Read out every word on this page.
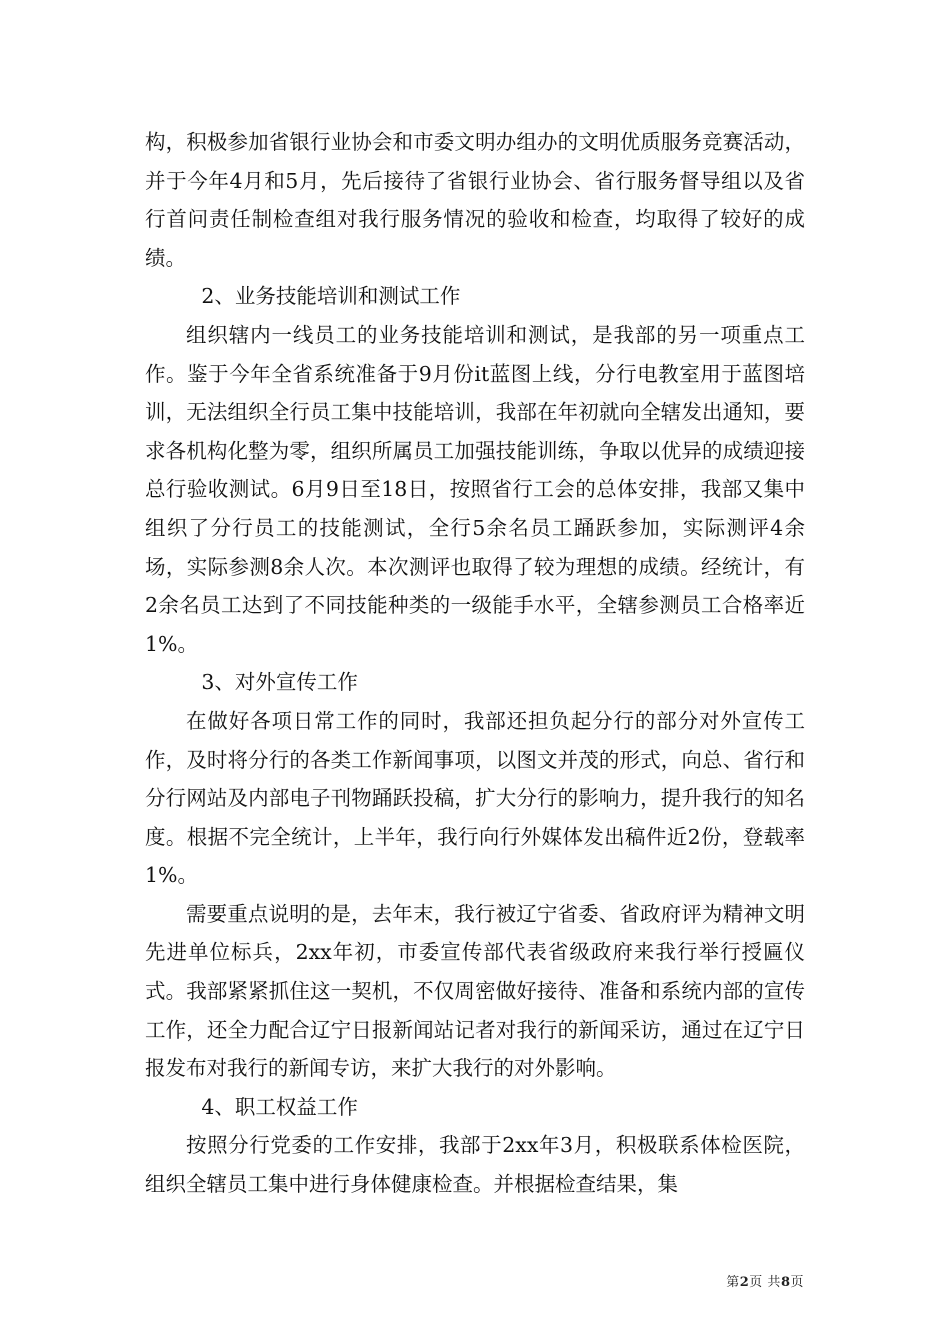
构，积极参加省银行业协会和市委文明办组办的文明优质服务竞赛活动，并于今年4月和5月，先后接待了省银行业协会、省行服务督导组以及省行首问责任制检查组对我行服务情况的验收和检查，均取得了较好的成绩。

2、业务技能培训和测试工作

组织辖内一线员工的业务技能培训和测试，是我部的另一项重点工作。鉴于今年全省系统准备于9月份it蓝图上线，分行电教室用于蓝图培训，无法组织全行员工集中技能培训，我部在年初就向全辖发出通知，要求各机构化整为零，组织所属员工加强技能训练，争取以优异的成绩迎接总行验收测试。6月9日至18日，按照省行工会的总体安排，我部又集中组织了分行员工的技能测试，全行5余名员工踊跃参加，实际测评4余场，实际参测8余人次。本次测评也取得了较为理想的成绩。经统计，有2余名员工达到了不同技能种类的一级能手水平，全辖参测员工合格率近1%。

3、对外宣传工作

在做好各项日常工作的同时，我部还担负起分行的部分对外宣传工作，及时将分行的各类工作新闻事项，以图文并茂的形式，向总、省行和分行网站及内部电子刊物踊跃投稿，扩大分行的影响力，提升我行的知名度。根据不完全统计，上半年，我行向行外媒体发出稿件近2份，登载率1%。

需要重点说明的是，去年末，我行被辽宁省委、省政府评为精神文明先进单位标兵，2xx年初，市委宣传部代表省级政府来我行举行授匾仪式。我部紧紧抓住这一契机，不仅周密做好接待、准备和系统内部的宣传工作，还全力配合辽宁日报新闻站记者对我行的新闻采访，通过在辽宁日报发布对我行的新闻专访，来扩大我行的对外影响。

4、职工权益工作

按照分行党委的工作安排，我部于2xx年3月，积极联系体检医院，组织全辖员工集中进行身体健康检查。并根据检查结果，集

第2页 共8页
